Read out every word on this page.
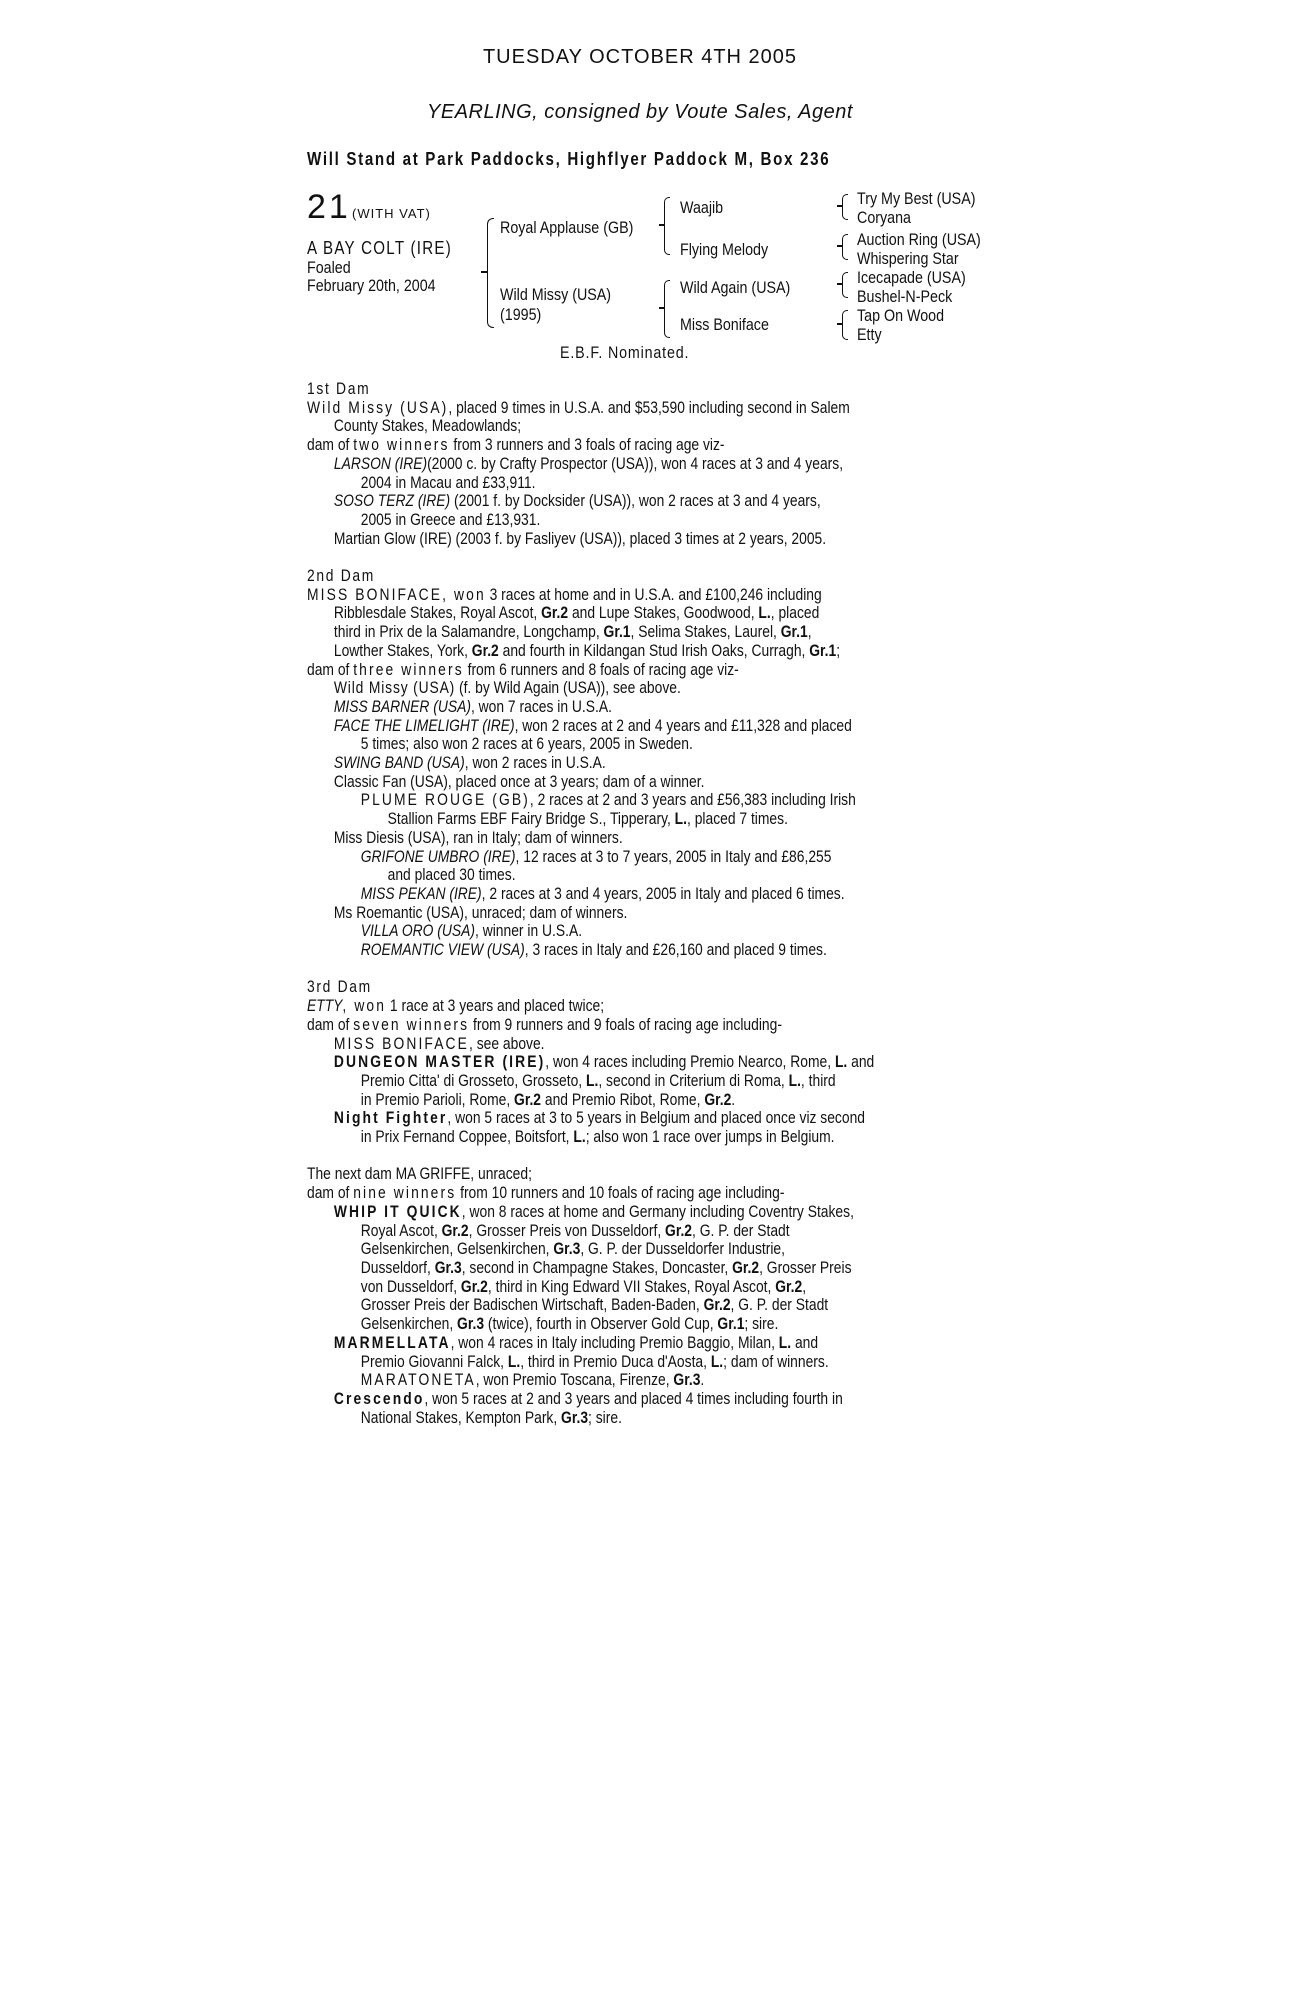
TUESDAY OCTOBER 4TH 2005
YEARLING, consigned by Voute Sales, Agent
Will Stand at Park Paddocks, Highflyer Paddock M, Box 236
21 (WITH VAT)
A BAY COLT (IRE)
Foaled
February 20th, 2004
Royal Applause (GB)
Wild Missy (USA)
(1995)
Waajib
Flying Melody
Wild Again (USA)
Miss Boniface
Try My Best (USA)
Coryana
Auction Ring (USA)
Whispering Star
Icecapade (USA)
Bushel-N-Peck
Tap On Wood
Etty
E.B.F. Nominated.

1st Dam

Wild Missy (USA), placed 9 times in U.S.A. and $53,590 including second in Salem

County Stakes, Meadowlands;

dam of two winners from 3 runners and 3 foals of racing age viz-

LARSON (IRE)(2000 c. by Crafty Prospector (USA)), won 4 races at 3 and 4 years,

2004 in Macau and £33,911.

SOSO TERZ (IRE) (2001 f. by Docksider (USA)), won 2 races at 3 and 4 years,

2005 in Greece and £13,931.

Martian Glow (IRE) (2003 f. by Fasliyev (USA)), placed 3 times at 2 years, 2005.

2nd Dam

MISS BONIFACE, won 3 races at home and in U.S.A. and £100,246 including

Ribblesdale Stakes, Royal Ascot, Gr.2 and Lupe Stakes, Goodwood, L., placed

third in Prix de la Salamandre, Longchamp, Gr.1, Selima Stakes, Laurel, Gr.1,

Lowther Stakes, York, Gr.2 and fourth in Kildangan Stud Irish Oaks, Curragh, Gr.1;

dam of three winners from 6 runners and 8 foals of racing age viz-

Wild Missy (USA) (f. by Wild Again (USA)), see above.

MISS BARNER (USA), won 7 races in U.S.A.

FACE THE LIMELIGHT (IRE), won 2 races at 2 and 4 years and £11,328 and placed

5 times; also won 2 races at 6 years, 2005 in Sweden.

SWING BAND (USA), won 2 races in U.S.A.

Classic Fan (USA), placed once at 3 years; dam of a winner.

PLUME ROUGE (GB), 2 races at 2 and 3 years and £56,383 including Irish

Stallion Farms EBF Fairy Bridge S., Tipperary, L., placed 7 times.

Miss Diesis (USA), ran in Italy; dam of winners.

GRIFONE UMBRO (IRE), 12 races at 3 to 7 years, 2005 in Italy and £86,255

and placed 30 times.

MISS PEKAN (IRE), 2 races at 3 and 4 years, 2005 in Italy and placed 6 times.

Ms Roemantic (USA), unraced; dam of winners.

VILLA ORO (USA), winner in U.S.A.

ROEMANTIC VIEW (USA), 3 races in Italy and £26,160 and placed 9 times.

3rd Dam

ETTY, won 1 race at 3 years and placed twice;

dam of seven winners from 9 runners and 9 foals of racing age including-

MISS BONIFACE, see above.

DUNGEON MASTER (IRE), won 4 races including Premio Nearco, Rome, L. and

Premio Citta' di Grosseto, Grosseto, L., second in Criterium di Roma, L., third

in Premio Parioli, Rome, Gr.2 and Premio Ribot, Rome, Gr.2.

Night Fighter, won 5 races at 3 to 5 years in Belgium and placed once viz second

in Prix Fernand Coppee, Boitsfort, L.; also won 1 race over jumps in Belgium.

The next dam MA GRIFFE, unraced;

dam of nine winners from 10 runners and 10 foals of racing age including-

WHIP IT QUICK, won 8 races at home and Germany including Coventry Stakes,

Royal Ascot, Gr.2, Grosser Preis von Dusseldorf, Gr.2, G. P. der Stadt

Gelsenkirchen, Gelsenkirchen, Gr.3, G. P. der Dusseldorfer Industrie,

Dusseldorf, Gr.3, second in Champagne Stakes, Doncaster, Gr.2, Grosser Preis

von Dusseldorf, Gr.2, third in King Edward VII Stakes, Royal Ascot, Gr.2,

Grosser Preis der Badischen Wirtschaft, Baden-Baden, Gr.2, G. P. der Stadt

Gelsenkirchen, Gr.3 (twice), fourth in Observer Gold Cup, Gr.1; sire.

MARMELLATA, won 4 races in Italy including Premio Baggio, Milan, L. and

Premio Giovanni Falck, L., third in Premio Duca d'Aosta, L.; dam of winners.

MARATONETA, won Premio Toscana, Firenze, Gr.3.

Crescendo, won 5 races at 2 and 3 years and placed 4 times including fourth in

National Stakes, Kempton Park, Gr.3; sire.
